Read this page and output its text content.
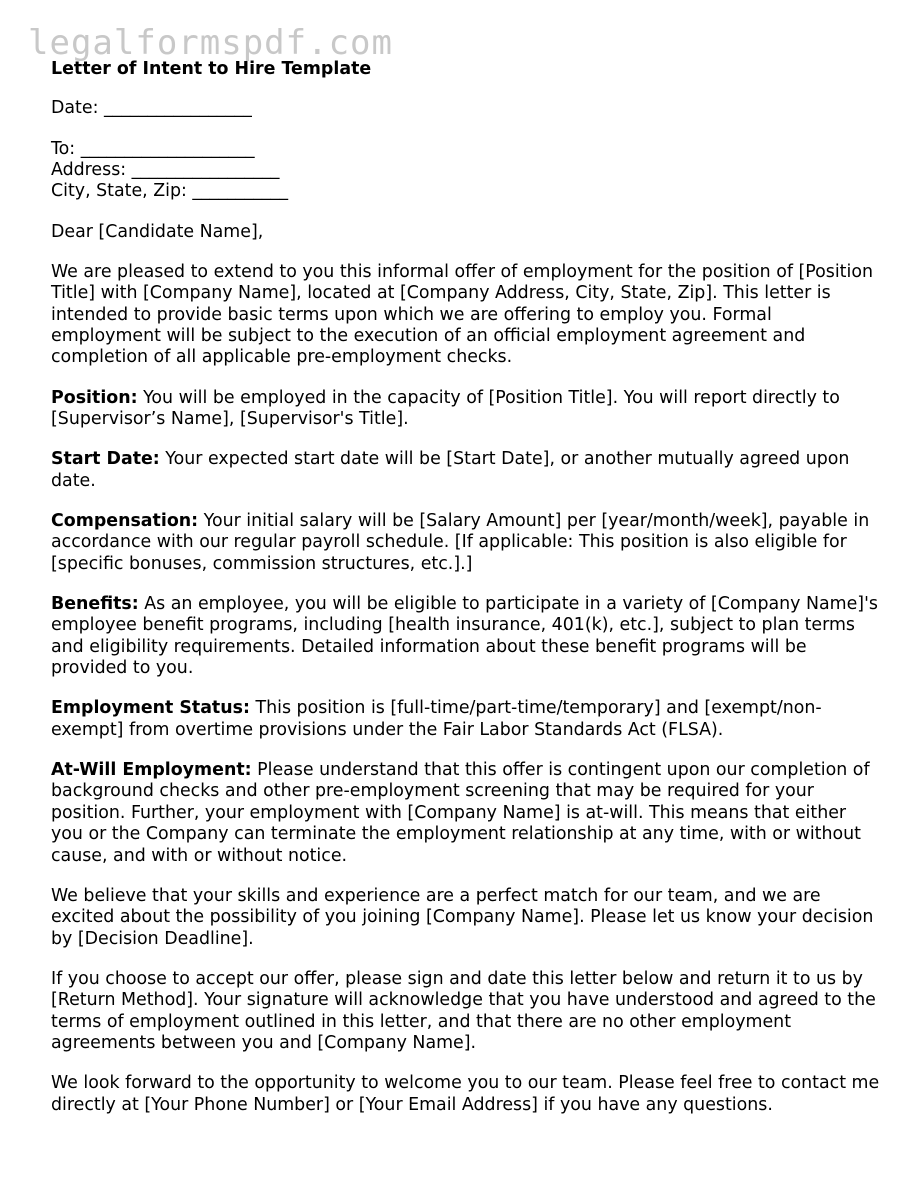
legalformspdf.com

Letter of Intent to Hire Template

Date: _________________

To: ____________________

Address: _________________

City, State, Zip: ___________

Dear [Candidate Name],

We are pleased to extend to you this informal offer of employment for the position of [Position Title] with [Company Name], located at [Company Address, City, State, Zip]. This letter is intended to provide basic terms upon which we are offering to employ you. Formal employment will be subject to the execution of an official employment agreement and completion of all applicable pre-employment checks.

Position: You will be employed in the capacity of [Position Title]. You will report directly to [Supervisor’s Name], [Supervisor's Title].

Start Date: Your expected start date will be [Start Date], or another mutually agreed upon date.

Compensation: Your initial salary will be [Salary Amount] per [year/month/week], payable in accordance with our regular payroll schedule. [If applicable: This position is also eligible for [specific bonuses, commission structures, etc.].]

Benefits: As an employee, you will be eligible to participate in a variety of [Company Name]'s employee benefit programs, including [health insurance, 401(k), etc.], subject to plan terms and eligibility requirements. Detailed information about these benefit programs will be provided to you.

Employment Status: This position is [full-time/part-time/temporary] and [exempt/non-exempt] from overtime provisions under the Fair Labor Standards Act (FLSA).

At-Will Employment: Please understand that this offer is contingent upon our completion of background checks and other pre-employment screening that may be required for your position. Further, your employment with [Company Name] is at-will. This means that either you or the Company can terminate the employment relationship at any time, with or without cause, and with or without notice.

We believe that your skills and experience are a perfect match for our team, and we are excited about the possibility of you joining [Company Name]. Please let us know your decision by [Decision Deadline].

If you choose to accept our offer, please sign and date this letter below and return it to us by [Return Method]. Your signature will acknowledge that you have understood and agreed to the terms of employment outlined in this letter, and that there are no other employment agreements between you and [Company Name].

We look forward to the opportunity to welcome you to our team. Please feel free to contact me directly at [Your Phone Number] or [Your Email Address] if you have any questions.
